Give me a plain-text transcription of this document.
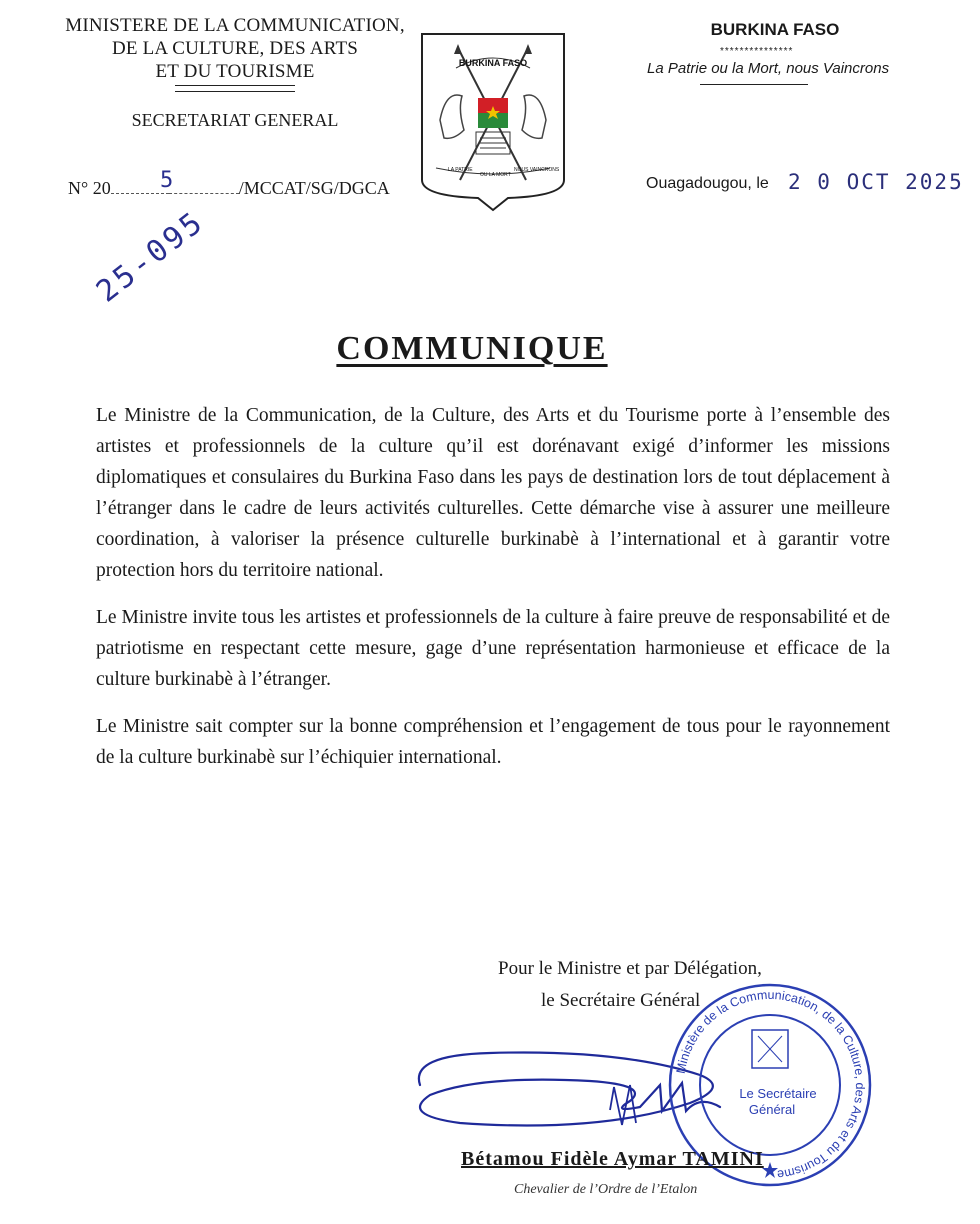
MINISTERE DE LA COMMUNICATION,
DE LA CULTURE, DES ARTS
ET DU TOURISME
SECRETARIAT GENERAL
N° 20	/MCCAT/SG/DGCA
5
25-095
BURKINA FASO
LA PATRIE
OU LA MORT
NOUS VAINCRONS
BURKINA FASO
***************
La Patrie ou la Mort, nous Vaincrons
Ouagadougou, le 2 0 OCT 2025
COMMUNIQUE

Le Ministre de la Communication, de la Culture, des Arts et du Tourisme porte à l’ensemble des artistes et professionnels de la culture qu’il est dorénavant exigé d’informer les missions diplomatiques et consulaires du Burkina Faso dans les pays de destination lors de tout déplacement à l’étranger dans le cadre de leurs activités culturelles. Cette démarche vise à assurer une meilleure coordination, à valoriser la présence culturelle burkinabè à l’international et à garantir votre protection hors du territoire national.

Le Ministre invite tous les artistes et professionnels de la culture à faire preuve de responsabilité et de patriotisme en respectant cette mesure, gage d’une représentation harmonieuse et efficace de la culture burkinabè à l’étranger.

Le Ministre sait compter sur la bonne compréhension et l’engagement de tous pour le rayonnement de la culture burkinabè sur l’échiquier international.

Pour le Ministre et par Délégation,
le Secrétaire Général
Ministère de la Communication, de la Culture, des Arts et du Tourisme
Le Secrétaire
Général
Bétamou Fidèle Aymar TAMINI
Chevalier de l’Ordre de l’Etalon
